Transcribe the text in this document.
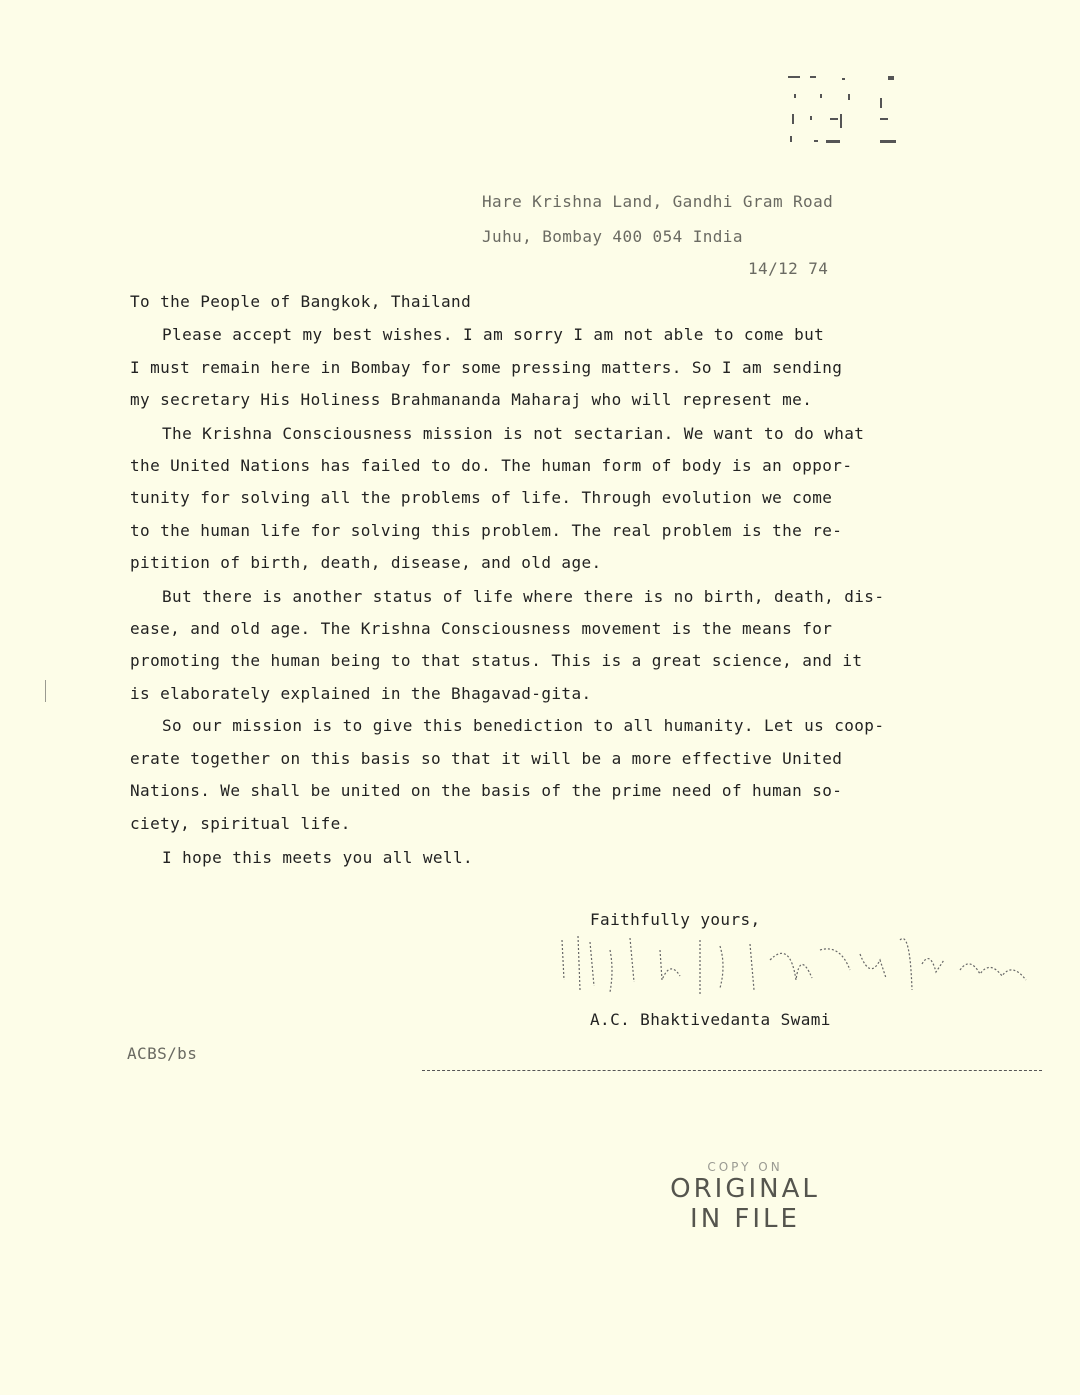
Hare Krishna Land, Gandhi Gram Road
Juhu, Bombay 400 054 India
14/12 74
To the People of Bangkok, Thailand
Please accept my best wishes. I am sorry I am not able to come but
I must remain here in Bombay for some pressing matters. So I am sending
my secretary His Holiness Brahmananda Maharaj who will represent me.
The Krishna Consciousness mission is not sectarian. We want to do what
the United Nations has failed to do. The human form of body is an oppor-
tunity for solving all the problems of life. Through evolution we come
to the human life for solving this problem. The real problem is the re-
pitition of birth, death, disease, and old age.
But there is another status of life where there is no birth, death, dis-
ease, and old age. The Krishna Consciousness movement is the means for
promoting the human being to that status. This is a great science, and it
is elaborately explained in the Bhagavad-gita.
So our mission is to give this benediction to all humanity. Let us coop-
erate together on this basis so that it will be a more effective United
Nations. We shall be united on the basis of the prime need of human so-
ciety, spiritual life.
I hope this meets you all well.
Faithfully yours,
A.C. Bhaktivedanta Swami
ACBS/bs
COPY ON
ORIGINAL
IN FILE
